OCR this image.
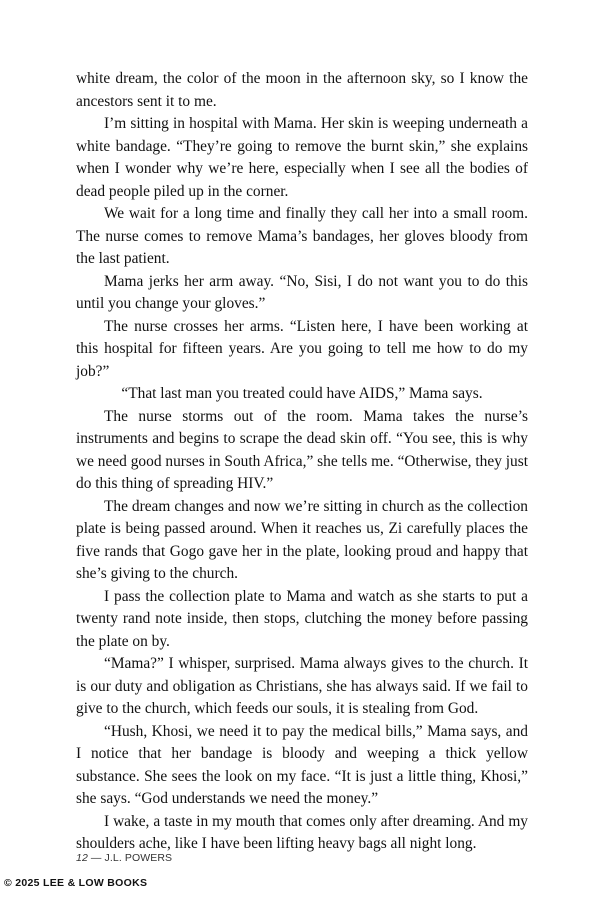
white dream, the color of the moon in the afternoon sky, so I know the ancestors sent it to me.

I’m sitting in hospital with Mama. Her skin is weeping underneath a white bandage. “They’re going to remove the burnt skin,” she explains when I wonder why we’re here, especially when I see all the bodies of dead people piled up in the corner.

We wait for a long time and finally they call her into a small room. The nurse comes to remove Mama’s bandages, her gloves bloody from the last patient.

Mama jerks her arm away. “No, Sisi, I do not want you to do this until you change your gloves.”

The nurse crosses her arms. “Listen here, I have been working at this hospital for fifteen years. Are you going to tell me how to do my job?”

“That last man you treated could have AIDS,” Mama says.

The nurse storms out of the room. Mama takes the nurse’s instruments and begins to scrape the dead skin off. “You see, this is why we need good nurses in South Africa,” she tells me. “Otherwise, they just do this thing of spreading HIV.”

The dream changes and now we’re sitting in church as the collection plate is being passed around. When it reaches us, Zi carefully places the five rands that Gogo gave her in the plate, looking proud and happy that she’s giving to the church.

I pass the collection plate to Mama and watch as she starts to put a twenty rand note inside, then stops, clutching the money before passing the plate on by.

“Mama?” I whisper, surprised. Mama always gives to the church. It is our duty and obligation as Christians, she has always said. If we fail to give to the church, which feeds our souls, it is stealing from God.

“Hush, Khosi, we need it to pay the medical bills,” Mama says, and I notice that her bandage is bloody and weeping a thick yellow substance. She sees the look on my face. “It is just a little thing, Khosi,” she says. “God understands we need the money.”

I wake, a taste in my mouth that comes only after dreaming. And my shoulders ache, like I have been lifting heavy bags all night long.

12 — J.L. POWERS
© 2025 LEE & LOW BOOKS
